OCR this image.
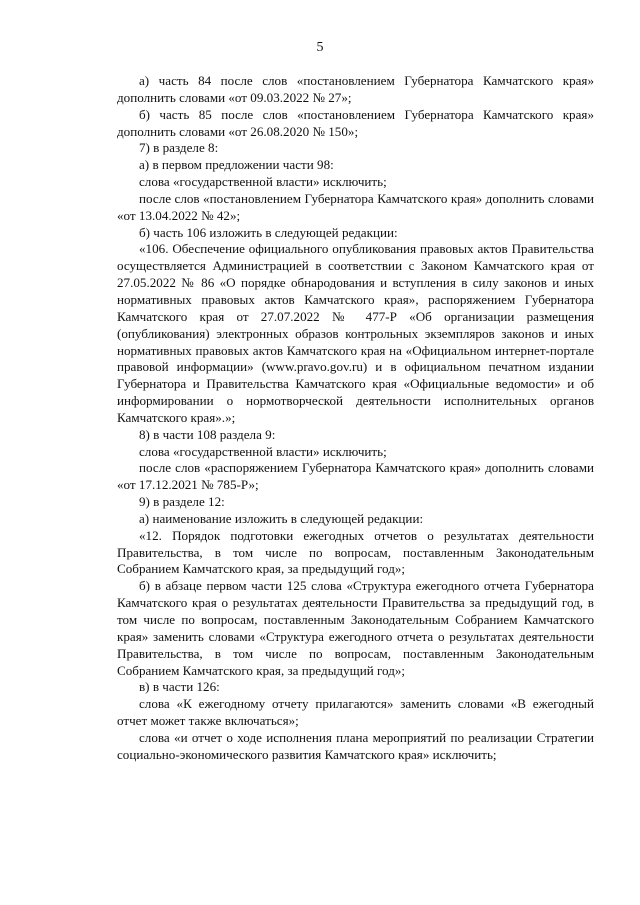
5

а) часть 84 после слов «постановлением Губернатора Камчатского края» дополнить словами «от 09.03.2022 № 27»;

б) часть 85 после слов «постановлением Губернатора Камчатского края» дополнить словами «от 26.08.2020 № 150»;

7) в разделе 8:

а) в первом предложении части 98:

слова «государственной власти» исключить;

после слов «постановлением Губернатора Камчатского края» дополнить словами «от 13.04.2022 № 42»;

б) часть 106 изложить в следующей редакции:

«106. Обеспечение официального опубликования правовых актов Правительства осуществляется Администрацией в соответствии с Законом Камчатского края от 27.05.2022 № 86 «О порядке обнародования и вступления в силу законов и иных нормативных правовых актов Камчатского края», распоряжением Губернатора Камчатского края от 27.07.2022 № 477-Р «Об организации размещения (опубликования) электронных образов контрольных экземпляров законов и иных нормативных правовых актов Камчатского края на «Официальном интернет-портале правовой информации» (www.pravo.gov.ru) и в официальном печатном издании Губернатора и Правительства Камчатского края «Официальные ведомости» и об информировании о нормотворческой деятельности исполнительных органов Камчатского края».»;

8) в части 108 раздела 9:

слова «государственной власти» исключить;

после слов «распоряжением Губернатора Камчатского края» дополнить словами «от 17.12.2021 № 785-Р»;

9) в разделе 12:

а) наименование изложить в следующей редакции:

«12. Порядок подготовки ежегодных отчетов о результатах деятельности Правительства, в том числе по вопросам, поставленным Законодательным Собранием Камчатского края, за предыдущий год»;

б) в абзаце первом части 125 слова «Структура ежегодного отчета Губернатора Камчатского края о результатах деятельности Правительства за предыдущий год, в том числе по вопросам, поставленным Законодательным Собранием Камчатского края» заменить словами «Структура ежегодного отчета о результатах деятельности Правительства, в том числе по вопросам, поставленным Законодательным Собранием Камчатского края, за предыдущий год»;

в) в части 126:

слова «К ежегодному отчету прилагаются» заменить словами «В ежегодный отчет может также включаться»;

слова «и отчет о ходе исполнения плана мероприятий по реализации Стратегии социально-экономического развития Камчатского края» исключить;
